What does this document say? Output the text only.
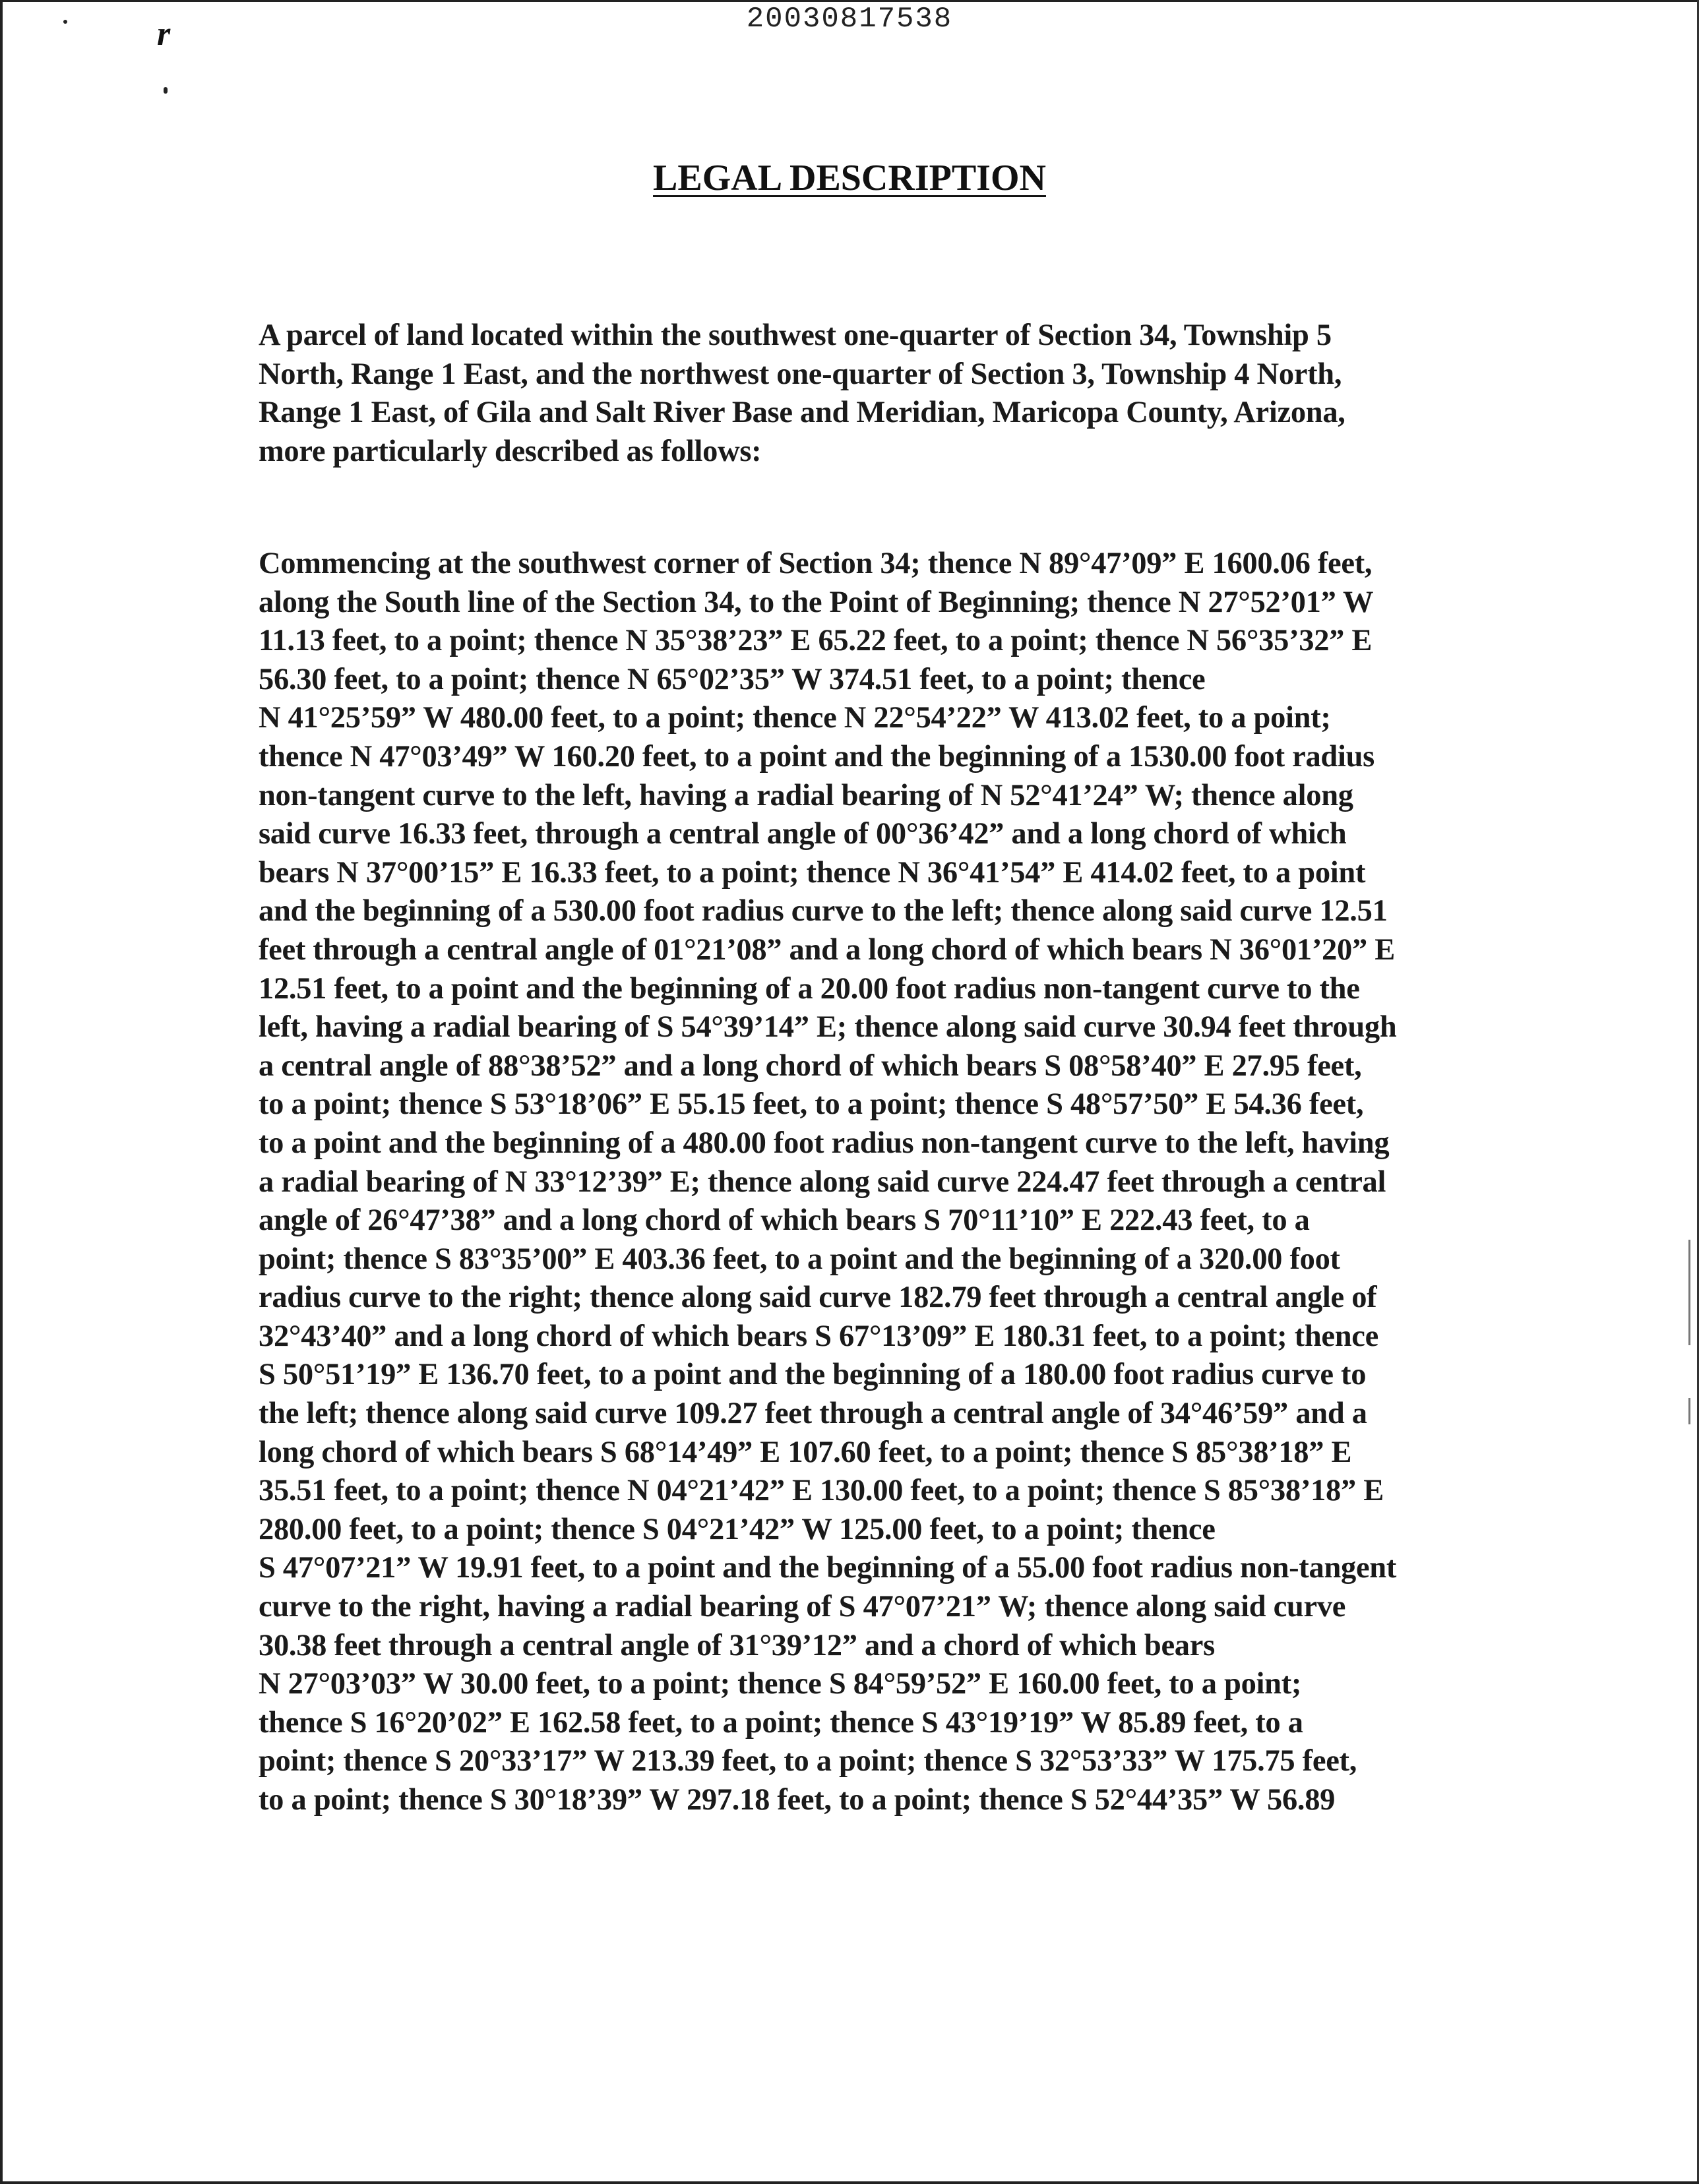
20030817538
r
LEGAL DESCRIPTION
A parcel of land located within the southwest one-quarter of Section 34, Township 5
North, Range 1 East, and the northwest one-quarter of Section 3, Township 4 North,
Range 1 East, of Gila and Salt River Base and Meridian, Maricopa County, Arizona,
more particularly described as follows:
Commencing at the southwest corner of Section 34; thence N 89°47’09” E 1600.06 feet,
along the South line of the Section 34, to the Point of Beginning; thence N 27°52’01” W
11.13 feet, to a point; thence N 35°38’23” E 65.22 feet, to a point; thence N 56°35’32” E
56.30 feet, to a point; thence N 65°02’35” W 374.51 feet, to a point; thence
N 41°25’59” W 480.00 feet, to a point; thence N 22°54’22” W 413.02 feet, to a point;
thence N 47°03’49” W 160.20 feet, to a point and the beginning of a 1530.00 foot radius
non-tangent curve to the left, having a radial bearing of N 52°41’24” W; thence along
said curve 16.33 feet, through a central angle of 00°36’42” and a long chord of which
bears N 37°00’15” E 16.33 feet, to a point; thence N 36°41’54” E 414.02 feet, to a point
and the beginning of a 530.00 foot radius curve to the left; thence along said curve 12.51
feet through a central angle of 01°21’08” and a long chord of which bears N 36°01’20” E
12.51 feet, to a point and the beginning of a 20.00 foot radius non-tangent curve to the
left, having a radial bearing of S 54°39’14” E; thence along said curve 30.94 feet through
a central angle of 88°38’52” and a long chord of which bears S 08°58’40” E 27.95 feet,
to a point; thence S 53°18’06” E 55.15 feet, to a point; thence S 48°57’50” E 54.36 feet,
to a point and the beginning of a 480.00 foot radius non-tangent curve to the left, having
a radial bearing of N 33°12’39” E; thence along said curve 224.47 feet through a central
angle of 26°47’38” and a long chord of which bears S 70°11’10” E 222.43 feet, to a
point; thence S 83°35’00” E 403.36 feet, to a point and the beginning of a 320.00 foot
radius curve to the right; thence along said curve 182.79 feet through a central angle of
32°43’40” and a long chord of which bears S 67°13’09” E 180.31 feet, to a point; thence
S 50°51’19” E 136.70 feet, to a point and the beginning of a 180.00 foot radius curve to
the left; thence along said curve 109.27 feet through a central angle of 34°46’59” and a
long chord of which bears S 68°14’49” E 107.60 feet, to a point; thence S 85°38’18” E
35.51 feet, to a point; thence N 04°21’42” E 130.00 feet, to a point; thence S 85°38’18” E
280.00 feet, to a point; thence S 04°21’42” W 125.00 feet, to a point; thence
S 47°07’21” W 19.91 feet, to a point and the beginning of a 55.00 foot radius non-tangent
curve to the right, having a radial bearing of S 47°07’21” W; thence along said curve
30.38 feet through a central angle of 31°39’12” and a chord of which bears
N 27°03’03” W 30.00 feet, to a point; thence S 84°59’52” E 160.00 feet, to a point;
thence S 16°20’02” E 162.58 feet, to a point; thence S 43°19’19” W 85.89 feet, to a
point; thence S 20°33’17” W 213.39 feet, to a point; thence S 32°53’33” W 175.75 feet,
to a point; thence S 30°18’39” W 297.18 feet, to a point; thence S 52°44’35” W 56.89
